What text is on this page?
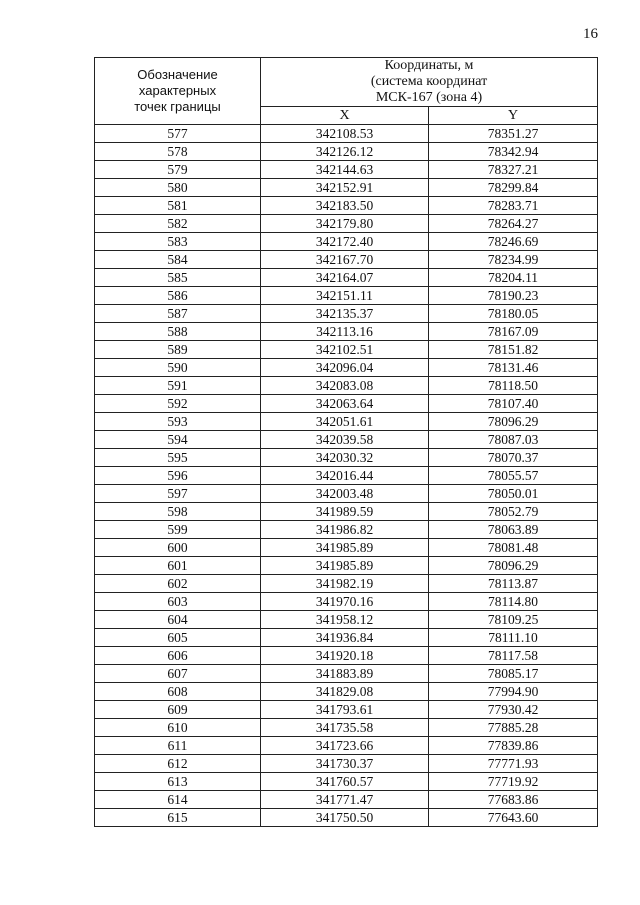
16
Обозначение
характерных
точек границы	Координаты, м
(система координат
МСК-167 (зона 4)	

	X	Y
577	342108.53	78351.27
578	342126.12	78342.94
579	342144.63	78327.21
580	342152.91	78299.84
581	342183.50	78283.71
582	342179.80	78264.27
583	342172.40	78246.69
584	342167.70	78234.99
585	342164.07	78204.11
586	342151.11	78190.23
587	342135.37	78180.05
588	342113.16	78167.09
589	342102.51	78151.82
590	342096.04	78131.46
591	342083.08	78118.50
592	342063.64	78107.40
593	342051.61	78096.29
594	342039.58	78087.03
595	342030.32	78070.37
596	342016.44	78055.57
597	342003.48	78050.01
598	341989.59	78052.79
599	341986.82	78063.89
600	341985.89	78081.48
601	341985.89	78096.29
602	341982.19	78113.87
603	341970.16	78114.80
604	341958.12	78109.25
605	341936.84	78111.10
606	341920.18	78117.58
607	341883.89	78085.17
608	341829.08	77994.90
609	341793.61	77930.42
610	341735.58	77885.28
611	341723.66	77839.86
612	341730.37	77771.93
613	341760.57	77719.92
614	341771.47	77683.86
615	341750.50	77643.60
